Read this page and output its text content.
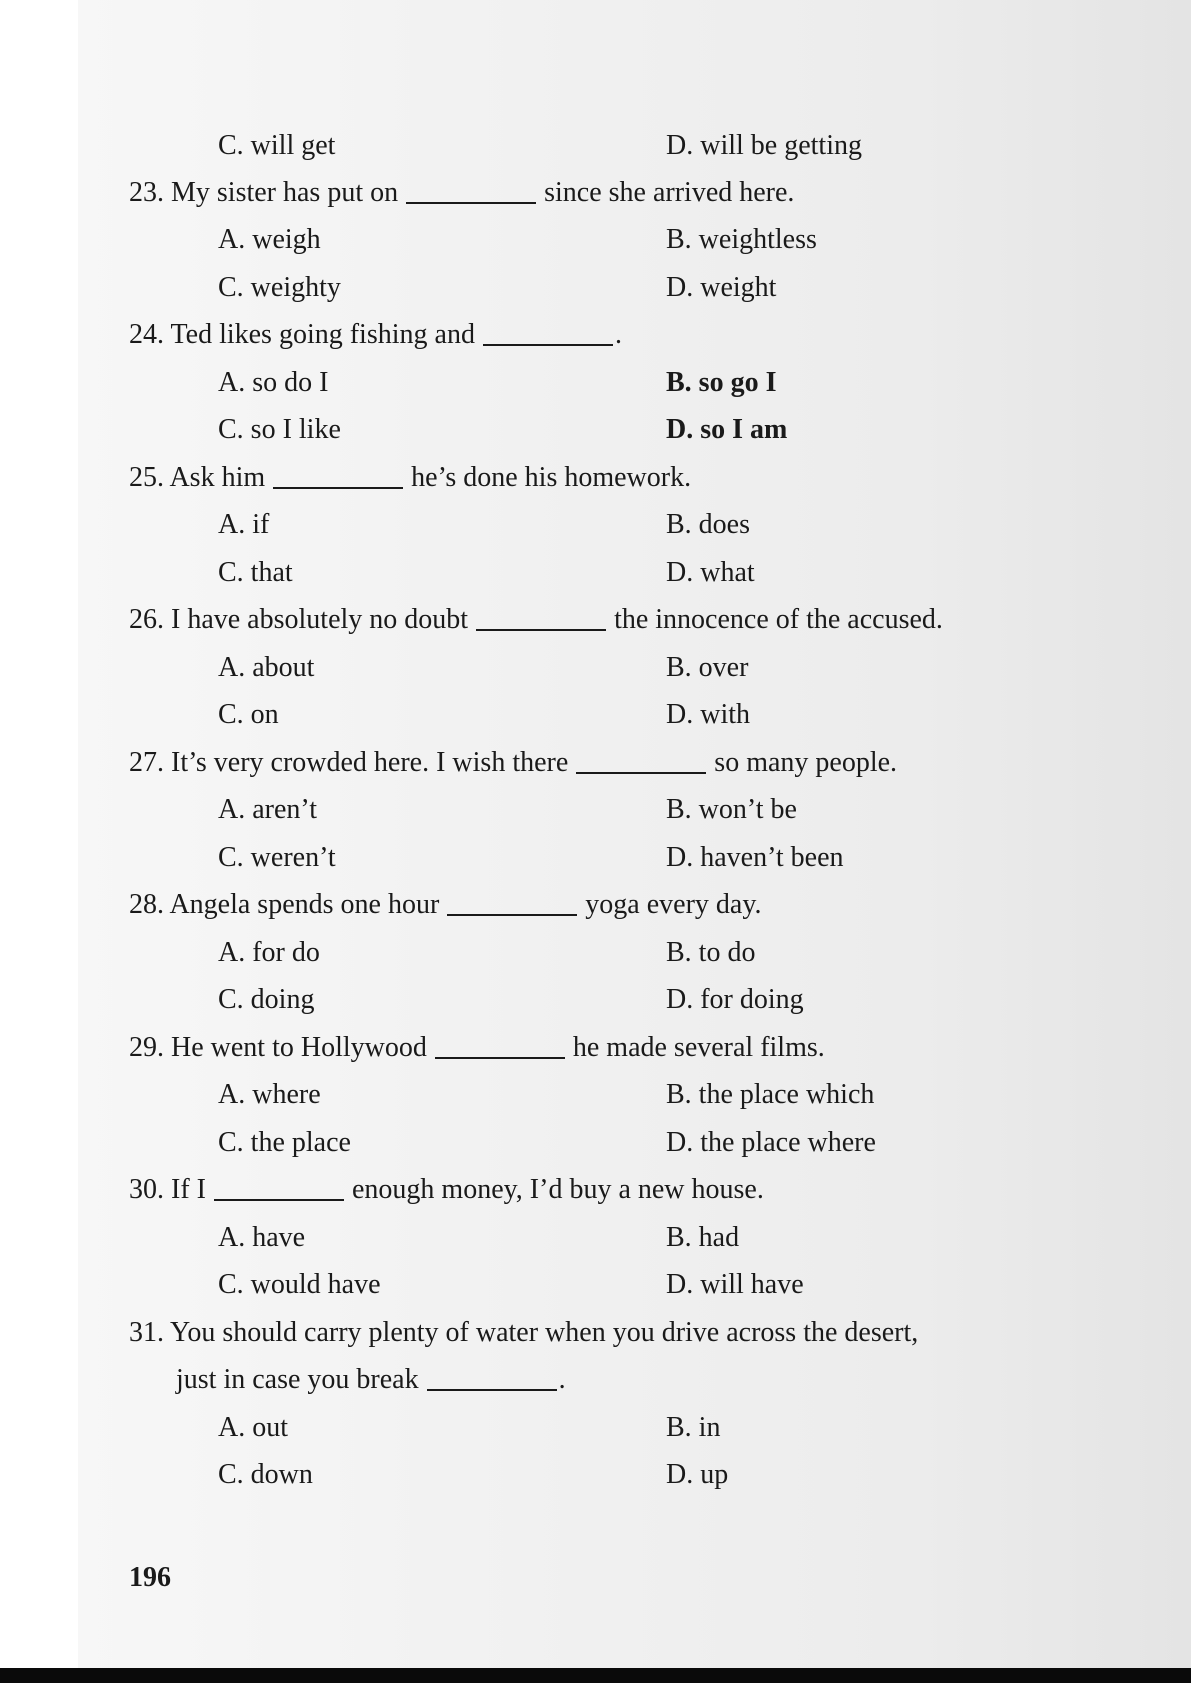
C. will get	D. will be getting
23. My sister has put on	since she arrived here.
A. weigh	B. weightless
C. weighty	D. weight
24. Ted likes going fishing and	.
A. so do I	B. so go I
C. so I like	D. so I am
25. Ask him	he’s done his homework.
A. if	B. does
C. that	D. what
26. I have absolutely no doubt	the innocence of the accused.
A. about	B. over
C. on	D. with
27. It’s very crowded here. I wish there	so many people.
A. aren’t	B. won’t be
C. weren’t	D. haven’t been
28. Angela spends one hour	yoga every day.
A. for do	B. to do
C. doing	D. for doing
29. He went to Hollywood	he made several films.
A. where	B. the place which
C. the place	D. the place where
30. If I	enough money, I’d buy a new house.
A. have	B. had
C. would have	D. will have
31. You should carry plenty of water when you drive across the desert,
just in case you break	.
A. out	B. in
C. down	D. up
196
